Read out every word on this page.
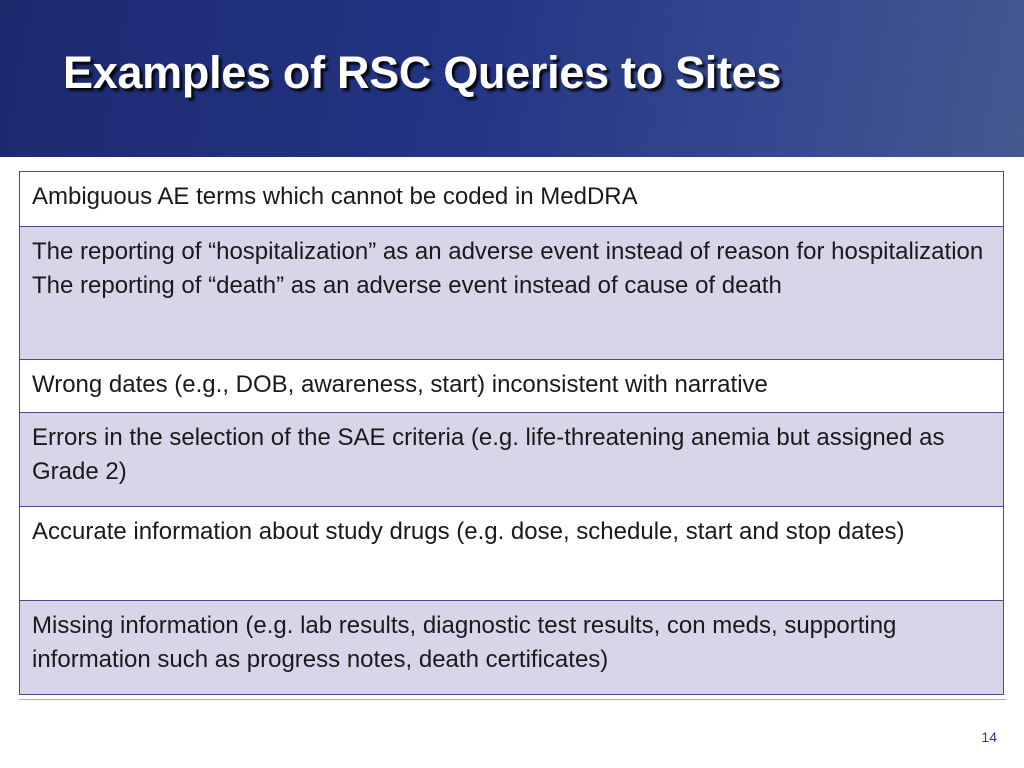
Examples of RSC Queries to Sites
Ambiguous AE terms which cannot be coded in MedDRA

The reporting of “hospitalization” as an adverse event instead of reason for hospitalization
The reporting of “death” as an adverse event instead of cause of death

Wrong dates (e.g., DOB, awareness, start) inconsistent with narrative

Errors in the selection of the SAE criteria (e.g. life-threatening anemia but assigned as Grade 2)

Accurate information about study drugs (e.g. dose, schedule, start and stop dates)

Missing information (e.g. lab results, diagnostic test results, con meds, supporting information such as progress notes, death certificates)
14
